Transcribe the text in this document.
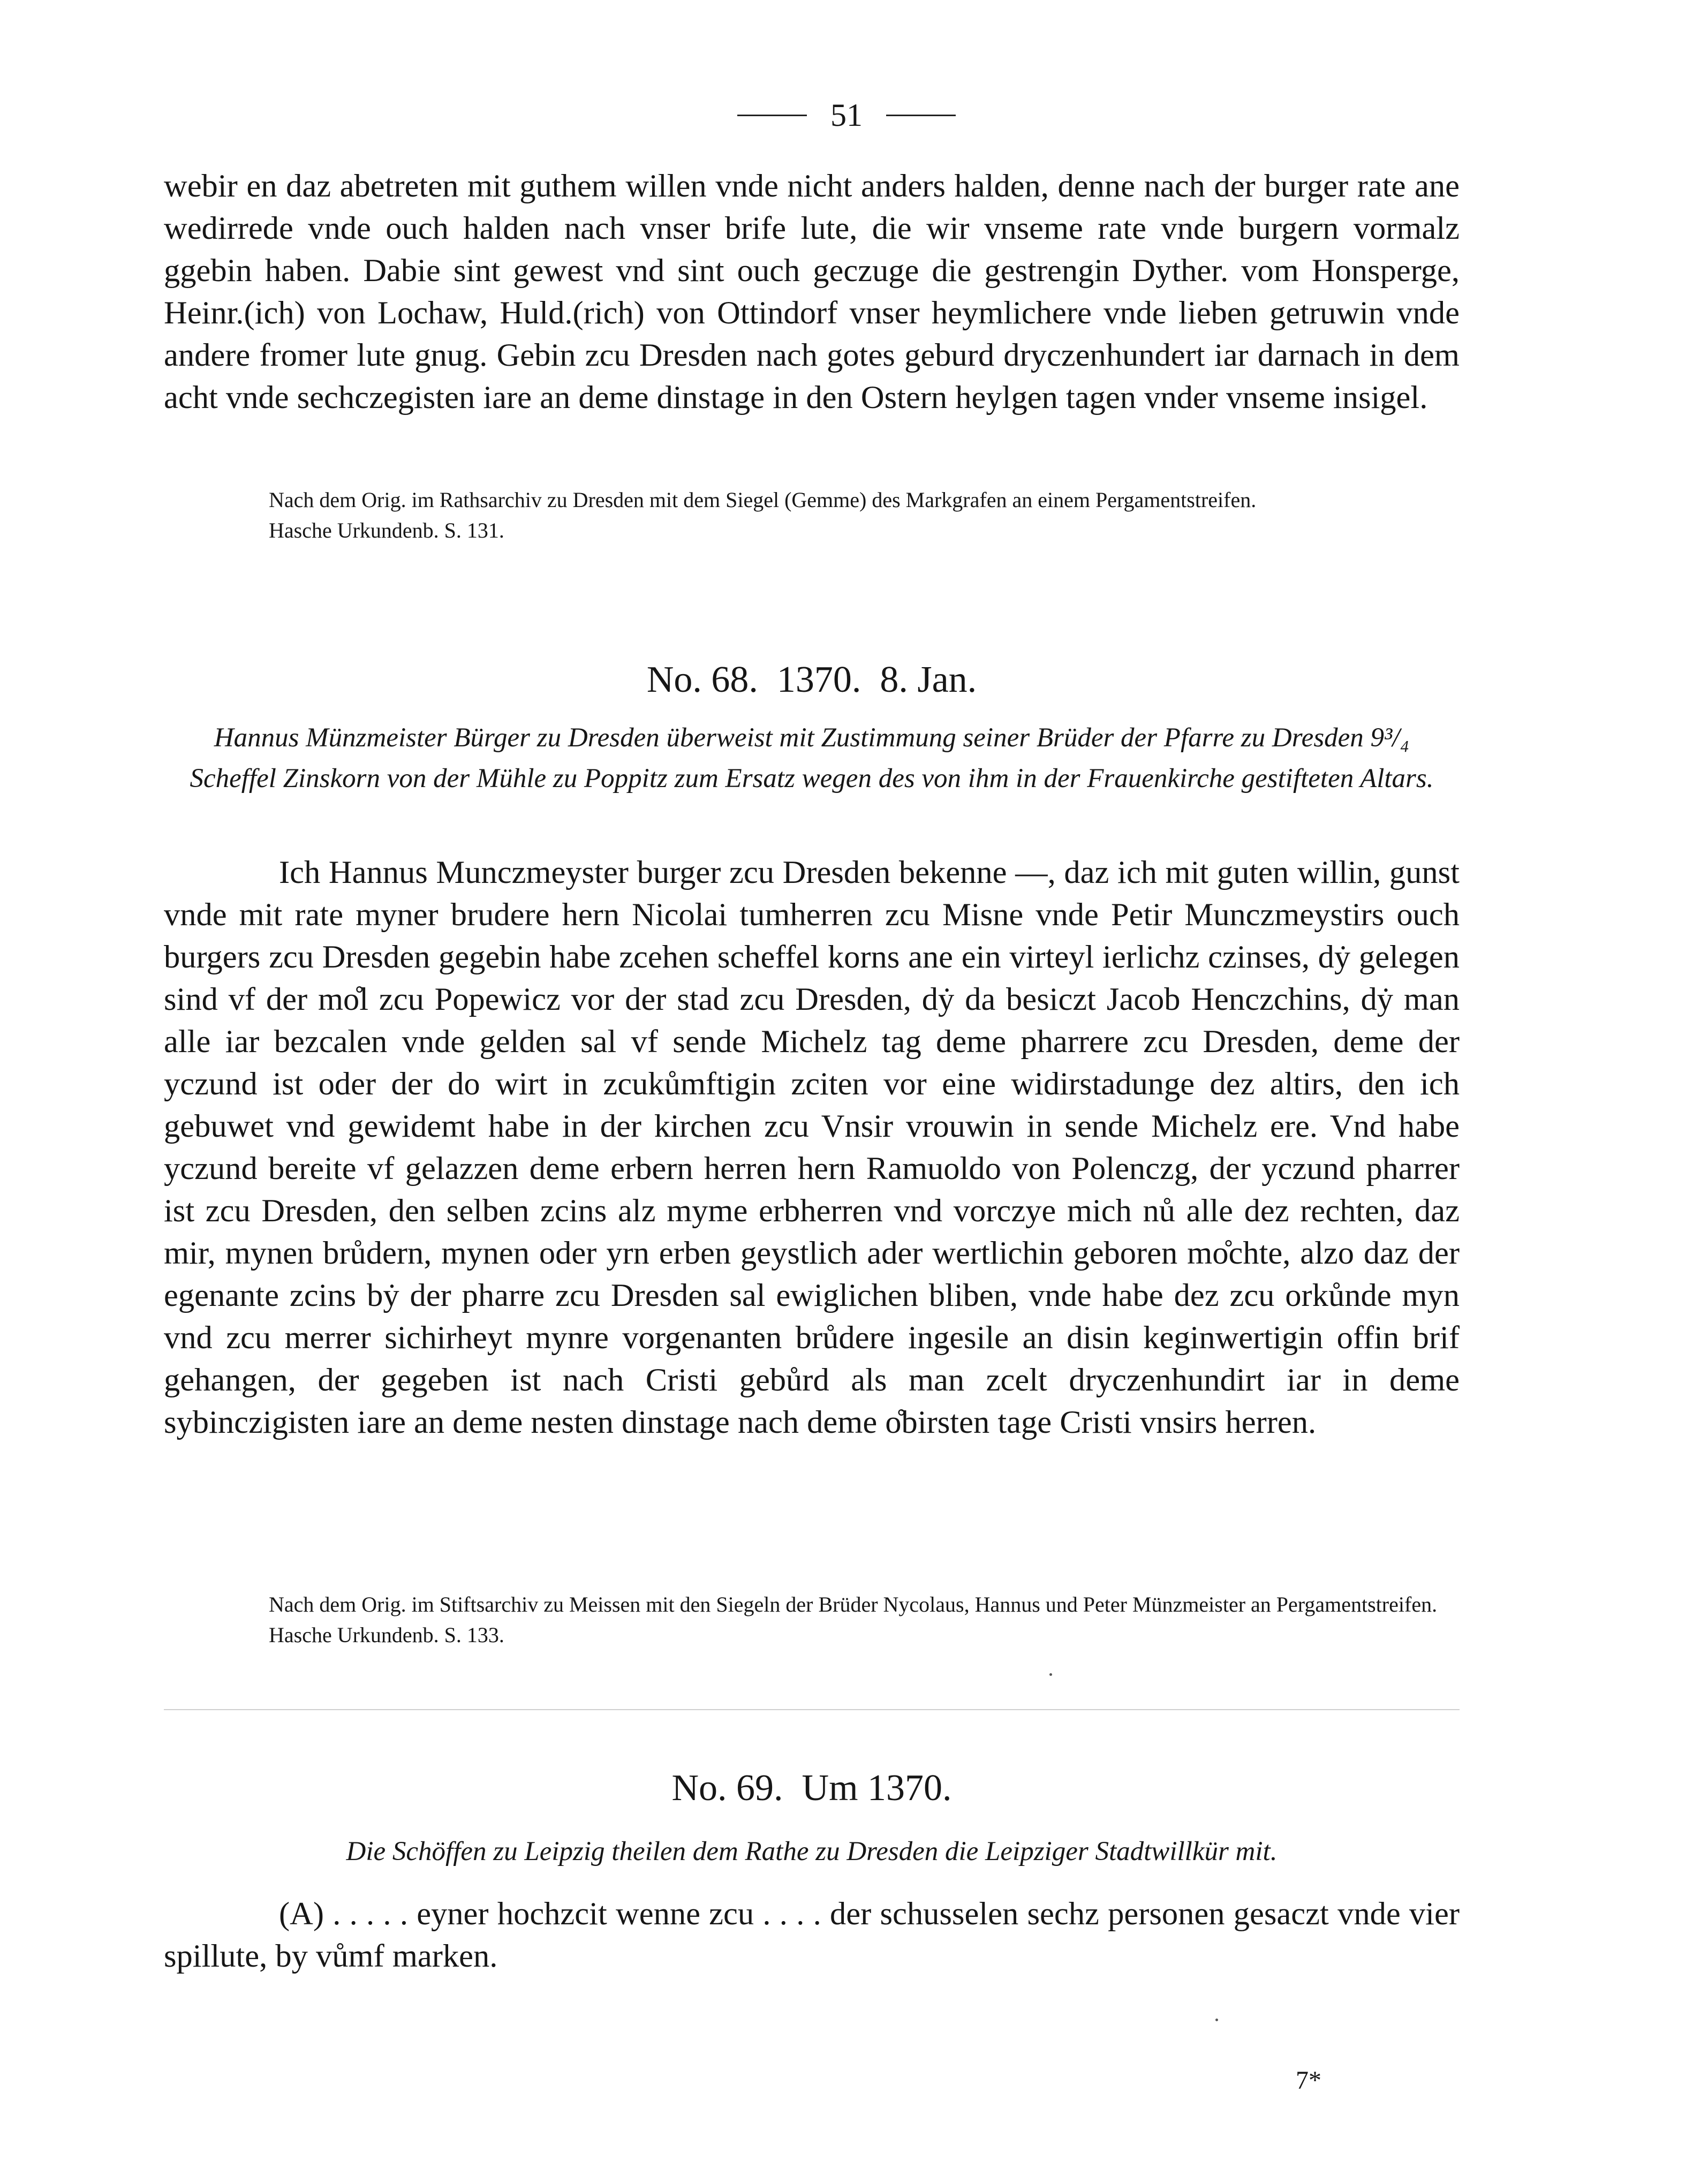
51

webir en daz abetreten mit guthem willen vnde nicht anders halden, denne nach der burger rate ane wedirrede vnde ouch halden nach vnser brife lute, die wir vnseme rate vnde burgern vormalz ggebin haben. Dabie sint gewest vnd sint ouch geczuge die gestrengin Dyther. vom Honsperge, Heinr.(ich) von Lochaw, Huld.(rich) von Ottindorf vnser heymlichere vnde lieben getruwin vnde andere fromer lute gnug. Gebin zcu Dresden nach gotes geburd dryczenhundert iar darnach in dem acht vnde sechczegisten iare an deme dinstage in den Ostern heylgen tagen vnder vnseme insigel.

Nach dem Orig. im Rathsarchiv zu Dresden mit dem Siegel (Gemme) des Markgrafen an einem Pergamentstreifen.

Hasche Urkundenb. S. 131.

No. 68.  1370.  8. Jan.
Hannus Münzmeister Bürger zu Dresden überweist mit Zustimmung seiner Brüder der Pfarre zu Dresden 9³/₄ Scheffel Zinskorn von der Mühle zu Poppitz zum Ersatz wegen des von ihm in der Frauenkirche gestifteten Altars.

Ich Hannus Munczmeyster burger zcu Dresden bekenne —, daz ich mit guten willin, gunst vnde mit rate myner brudere hern Nicolai tumherren zcu Misne vnde Petir Munczmeystirs ouch burgers zcu Dresden gegebin habe zcehen scheffel korns ane ein virteyl ierlichz czinses, dẏ gelegen sind vf der mo̊l zcu Popewicz vor der stad zcu Dresden, dẏ da besiczt Jacob Henczchins, dẏ man alle iar bezcalen vnde gelden sal vf sende Michelz tag deme pharrere zcu Dresden, deme der yczund ist oder der do wirt in zcukůmftigin zciten vor eine widirstadunge dez altirs, den ich gebuwet vnd gewidemt habe in der kirchen zcu Vnsir vrouwin in sende Michelz ere. Vnd habe yczund bereite vf gelazzen deme erbern herren hern Ramuoldo von Polenczg, der yczund pharrer ist zcu Dresden, den selben zcins alz myme erbherren vnd vorczye mich nů alle dez rechten, daz mir, mynen brůdern, mynen oder yrn erben geystlich ader wertlichin geboren mo̊chte, alzo daz der egenante zcins bẏ der pharre zcu Dresden sal ewiglichen bliben, vnde habe dez zcu orkůnde myn vnd zcu merrer sichirheyt mynre vorgenanten brůdere ingesile an disin keginwertigin offin brif gehangen, der gegeben ist nach Cristi gebůrd als man zcelt dryczenhundirt iar in deme sybinczigisten iare an deme nesten dinstage nach deme o̊birsten tage Cristi vnsirs herren.

Nach dem Orig. im Stiftsarchiv zu Meissen mit den Siegeln der Brüder Nycolaus, Hannus und Peter Münzmeister an Pergamentstreifen.

Hasche Urkundenb. S. 133.

No. 69.  Um 1370.
Die Schöffen zu Leipzig theilen dem Rathe zu Dresden die Leipziger Stadtwillkür mit.

(A) . . . . . eyner hochzcit wenne zcu . . . . der schusselen sechz personen gesaczt vnde vier spillute, by vůmf marken.

7*
